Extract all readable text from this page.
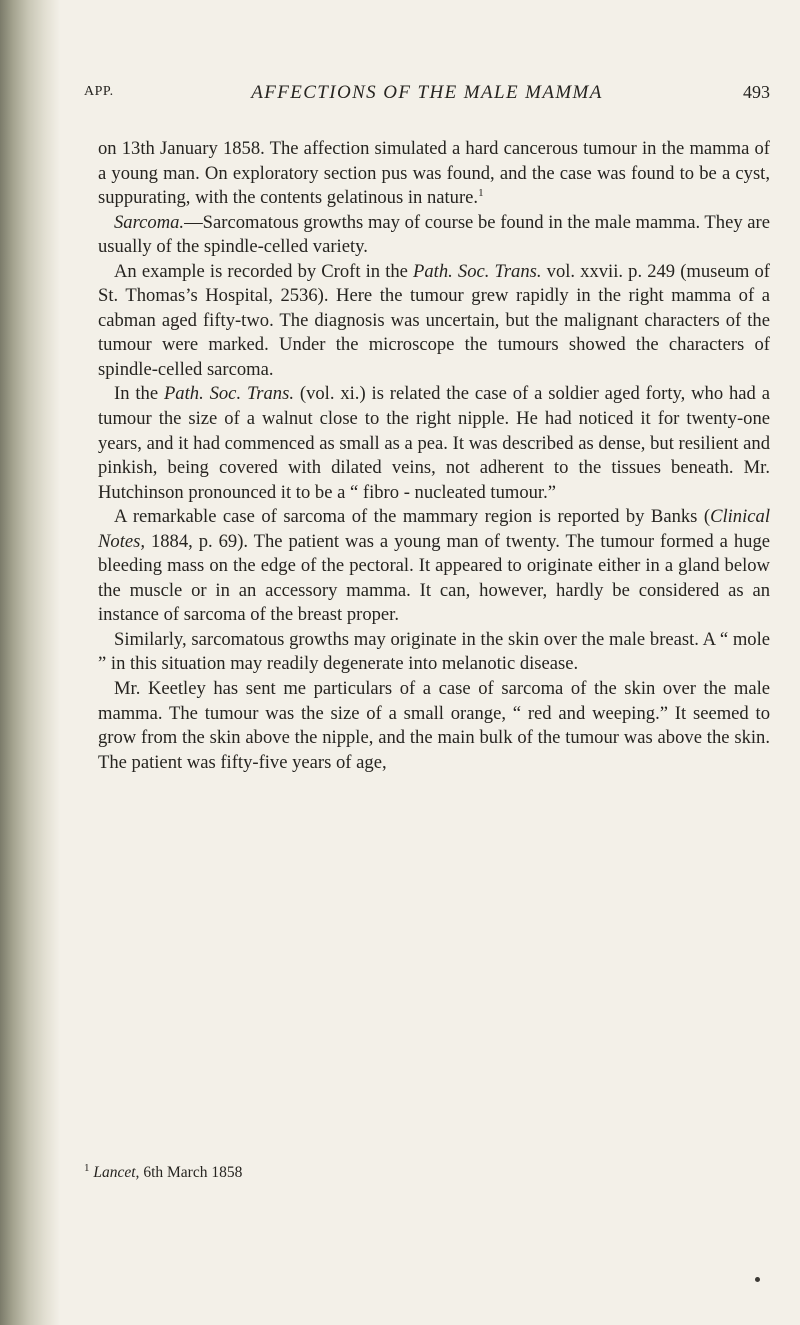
APP.	AFFECTIONS OF THE MALE MAMMA	493

on 13th January 1858. The affection simulated a hard cancerous tumour in the mamma of a young man. On exploratory section pus was found, and the case was found to be a cyst, suppurating, with the contents gelatinous in nature.$^1$

Sarcoma.—Sarcomatous growths may of course be found in the male mamma. They are usually of the spindle-celled variety.

An example is recorded by Croft in the Path. Soc. Trans. vol. xxvii. p. 249 (museum of St. Thomas’s Hospital, 2536). Here the tumour grew rapidly in the right mamma of a cabman aged fifty-two. The diagnosis was uncertain, but the malignant characters of the tumour were marked. Under the microscope the tumours showed the characters of spindle-celled sarcoma.

In the Path. Soc. Trans. (vol. xi.) is related the case of a soldier aged forty, who had a tumour the size of a walnut close to the right nipple. He had noticed it for twenty-one years, and it had commenced as small as a pea. It was described as dense, but resilient and pinkish, being covered with dilated veins, not adherent to the tissues beneath. Mr. Hutchinson pronounced it to be a “ fibro - nucleated tumour.”

A remarkable case of sarcoma of the mammary region is reported by Banks (Clinical Notes, 1884, p. 69). The patient was a young man of twenty. The tumour formed a huge bleeding mass on the edge of the pectoral. It appeared to originate either in a gland below the muscle or in an accessory mamma. It can, however, hardly be considered as an instance of sarcoma of the breast proper.

Similarly, sarcomatous growths may originate in the skin over the male breast. A “ mole ” in this situation may readily degenerate into melanotic disease.

Mr. Keetley has sent me particulars of a case of sarcoma of the skin over the male mamma. The tumour was the size of a small orange, “ red and weeping.” It seemed to grow from the skin above the nipple, and the main bulk of the tumour was above the skin. The patient was fifty-five years of age,

$^1$ Lancet, 6th March 1858
